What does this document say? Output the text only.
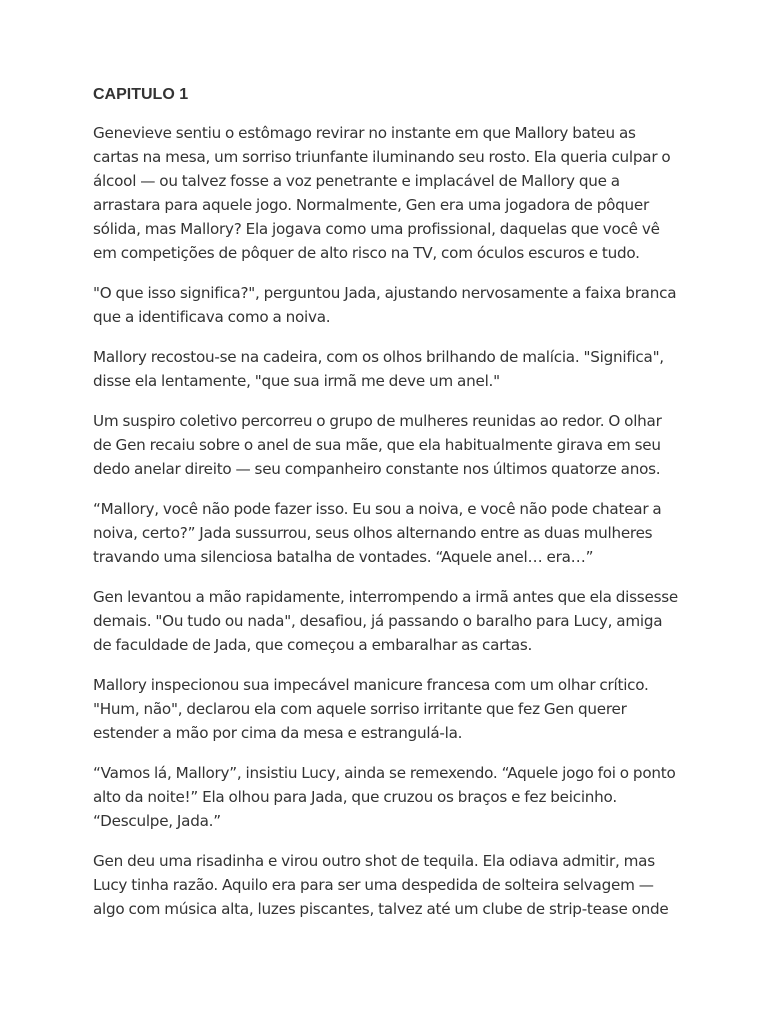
CAPITULO 1

Genevieve sentiu o estômago revirar no instante em que Mallory bateu as cartas na mesa, um sorriso triunfante iluminando seu rosto. Ela queria culpar o álcool — ou talvez fosse a voz penetrante e implacável de Mallory que a arrastara para aquele jogo. Normalmente, Gen era uma jogadora de pôquer sólida, mas Mallory? Ela jogava como uma profissional, daquelas que você vê em competições de pôquer de alto risco na TV, com óculos escuros e tudo.

"O que isso significa?", perguntou Jada, ajustando nervosamente a faixa branca que a identificava como a noiva.

Mallory recostou-se na cadeira, com os olhos brilhando de malícia. "Significa", disse ela lentamente, "que sua irmã me deve um anel."

Um suspiro coletivo percorreu o grupo de mulheres reunidas ao redor. O olhar de Gen recaiu sobre o anel de sua mãe, que ela habitualmente girava em seu dedo anelar direito — seu companheiro constante nos últimos quatorze anos.

“Mallory, você não pode fazer isso. Eu sou a noiva, e você não pode chatear a noiva, certo?” Jada sussurrou, seus olhos alternando entre as duas mulheres travando uma silenciosa batalha de vontades. “Aquele anel… era…”

Gen levantou a mão rapidamente, interrompendo a irmã antes que ela dissesse demais. "Ou tudo ou nada", desafiou, já passando o baralho para Lucy, amiga de faculdade de Jada, que começou a embaralhar as cartas.

Mallory inspecionou sua impecável manicure francesa com um olhar crítico. "Hum, não", declarou ela com aquele sorriso irritante que fez Gen querer estender a mão por cima da mesa e estrangulá-la.

“Vamos lá, Mallory”, insistiu Lucy, ainda se remexendo. “Aquele jogo foi o ponto alto da noite!” Ela olhou para Jada, que cruzou os braços e fez beicinho. “Desculpe, Jada.”

Gen deu uma risadinha e virou outro shot de tequila. Ela odiava admitir, mas Lucy tinha razão. Aquilo era para ser uma despedida de solteira selvagem — algo com música alta, luzes piscantes, talvez até um clube de strip-tease onde
